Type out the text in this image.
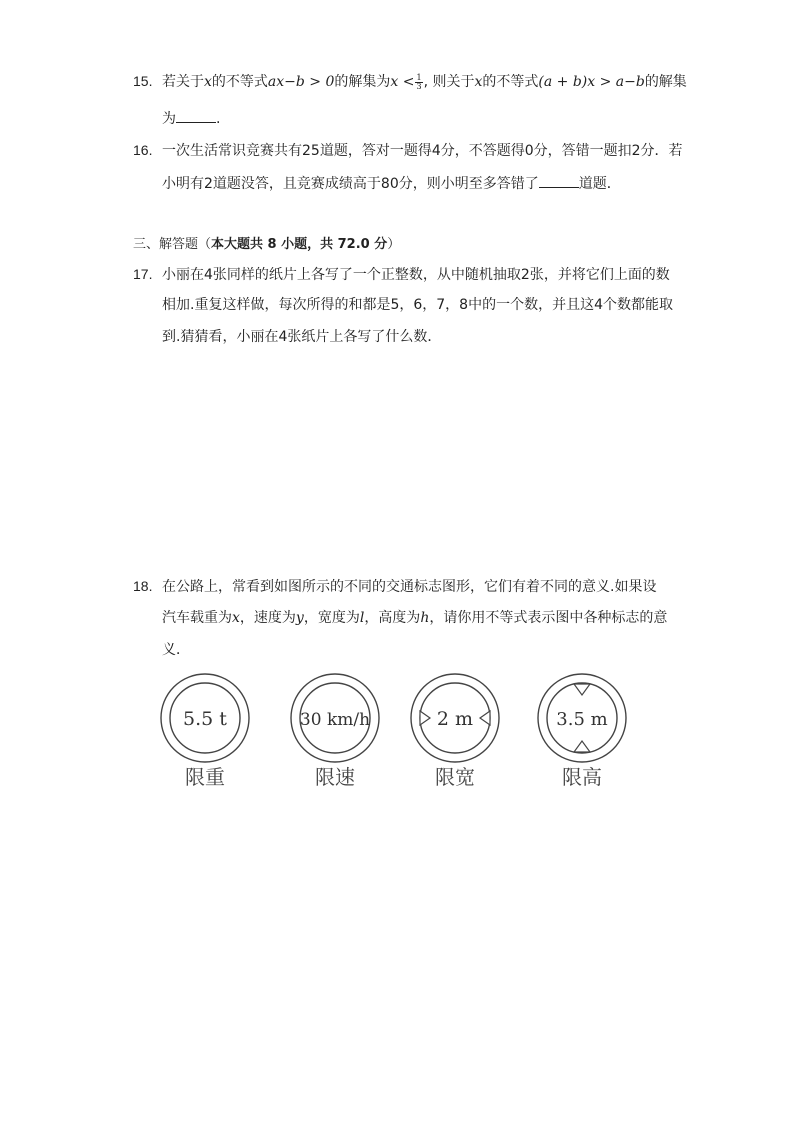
15. 若关于x的不等式ax−b > 0的解集为$x < \frac{1}{3}$ , 则关于x的不等式(a + b)x > a−b的解集
为	.
16. 一次生活常识竞赛共有25道题，答对一题得4分，不答题得0分，答错一题扣2分．若
小明有2道题没答，且竞赛成绩高于80分，则小明至多答错了	道题．
三、解答题（本大题共 8 小题，共 72.0 分）
17. 小丽在4张同样的纸片上各写了一个正整数，从中随机抽取2张，并将它们上面的数
相加.重复这样做，每次所得的和都是5，6，7，8中的一个数，并且这4个数都能取
到.猜猜看，小丽在4张纸片上各写了什么数．
18. 在公路上，常看到如图所示的不同的交通标志图形，它们有着不同的意义.如果设
汽车载重为x，速度为y，宽度为l，高度为h，请你用不等式表示图中各种标志的意
义．
5.5 t
限重
30 km/h
限速
2 m
限宽
3.5 m
限高
